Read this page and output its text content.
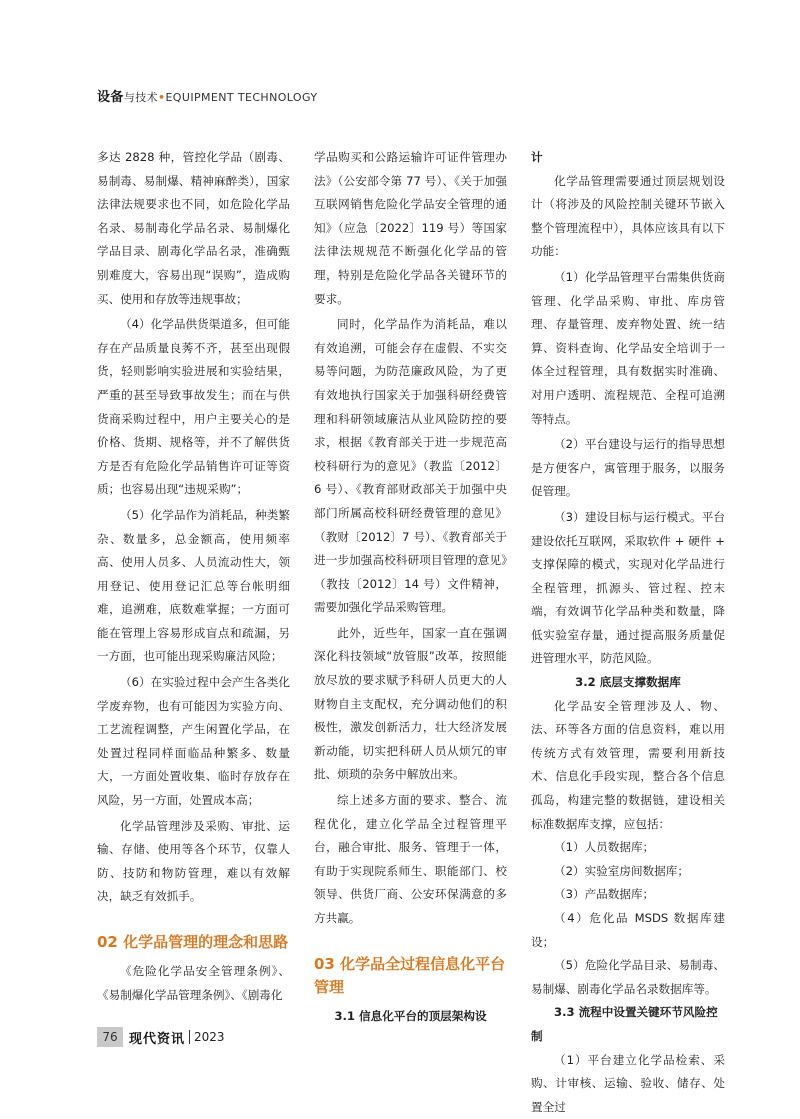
设备与技术•EQUIPMENT TECHNOLOGY

多达 2828 种，管控化学品（剧毒、易制毒、易制爆、精神麻醉类），国家法律法规要求也不同，如危险化学品名录、易制毒化学品名录、易制爆化学品目录、剧毒化学品名录，准确甄别难度大，容易出现“误购”，造成购买、使用和存放等违规事故；

（4）化学品供货渠道多，但可能存在产品质量良莠不齐，甚至出现假货，轻则影响实验进展和实验结果，严重的甚至导致事故发生；而在与供货商采购过程中，用户主要关心的是价格、货期、规格等，并不了解供货方是否有危险化学品销售许可证等资质；也容易出现“违规采购”；

（5）化学品作为消耗品，种类繁杂、数量多，总金额高，使用频率高、使用人员多、人员流动性大，领用登记、使用登记汇总等台帐明细难，追溯难，底数难掌握；一方面可能在管理上容易形成盲点和疏漏，另一方面，也可能出现采购廉洁风险；

（6）在实验过程中会产生各类化学废弃物，也有可能因为实验方向、工艺流程调整，产生闲置化学品，在处置过程同样面临品种繁多、数量大，一方面处置收集、临时存放存在风险，另一方面，处置成本高；

化学品管理涉及采购、审批、运输、存储、使用等各个环节，仅靠人防、技防和物防管理，难以有效解决，缺乏有效抓手。

02 化学品管理的理念和思路

《危险化学品安全管理条例》、《易制爆化学品管理条例》、《剧毒化

学品购买和公路运输许可证件管理办法》（公安部令第 77 号）、《关于加强互联网销售危险化学品安全管理的通知》（应急〔2022〕119 号）等国家法律法规规范不断强化化学品的管理，特别是危险化学品各关键环节的要求。

同时，化学品作为消耗品，难以有效追溯，可能会存在虚假、不实交易等问题，为防范廉政风险，为了更有效地执行国家关于加强科研经费管理和科研领域廉洁从业风险防控的要求，根据《教育部关于进一步规范高校科研行为的意见》（教监〔2012〕6 号）、《教育部财政部关于加强中央部门所属高校科研经费管理的意见》（教财〔2012〕7 号）、《教育部关于进一步加强高校科研项目管理的意见》（教技〔2012〕14 号）文件精神，需要加强化学品采购管理。

此外，近些年，国家一直在强调深化科技领域“放管服”改革，按照能放尽放的要求赋予科研人员更大的人财物自主支配权，充分调动他们的积极性，激发创新活力，壮大经济发展新动能，切实把科研人员从烦冗的审批、烦琐的杂务中解放出来。

综上述多方面的要求、整合、流程优化，建立化学品全过程管理平台，融合审批、服务、管理于一体，有助于实现院系师生、职能部门、校领导、供货厂商、公安环保满意的多方共赢。

03 化学品全过程信息化平台管理
3.1 信息化平台的顶层架构设
计

化学品管理需要通过顶层规划设计（将涉及的风险控制关键环节嵌入整个管理流程中），具体应该具有以下功能：

（1）化学品管理平台需集供货商管理、化学品采购、审批、库房管理、存量管理、废弃物处置、统一结算、资料查询、化学品安全培训于一体全过程管理，具有数据实时准确、对用户透明、流程规范、全程可追溯等特点。

（2）平台建设与运行的指导思想是方便客户，寓管理于服务，以服务促管理。

（3）建设目标与运行模式。平台建设依托互联网，采取软件 + 硬件 + 支撑保障的模式，实现对化学品进行全程管理，抓源头、管过程、控末端，有效调节化学品种类和数量，降低实验室存量，通过提高服务质量促进管理水平，防范风险。

3.2 底层支撑数据库

化学品安全管理涉及人、物、法、环等各方面的信息资料，难以用传统方式有效管理，需要利用新技术、信息化手段实现，整合各个信息孤岛，构建完整的数据链，建设相关标准数据库支撑，应包括：

（1）人员数据库；

（2）实验室房间数据库；

（3）产品数据库；

（4）危化品 MSDS 数据库建设；

（5）危险化学品目录、易制毒、易制爆、剧毒化学品名录数据库等。

3.3 流程中设置关键环节风险控制

（1）平台建立化学品检索、采购、计审核、运输、验收、储存、处置全过

76 现代资讯 2023
